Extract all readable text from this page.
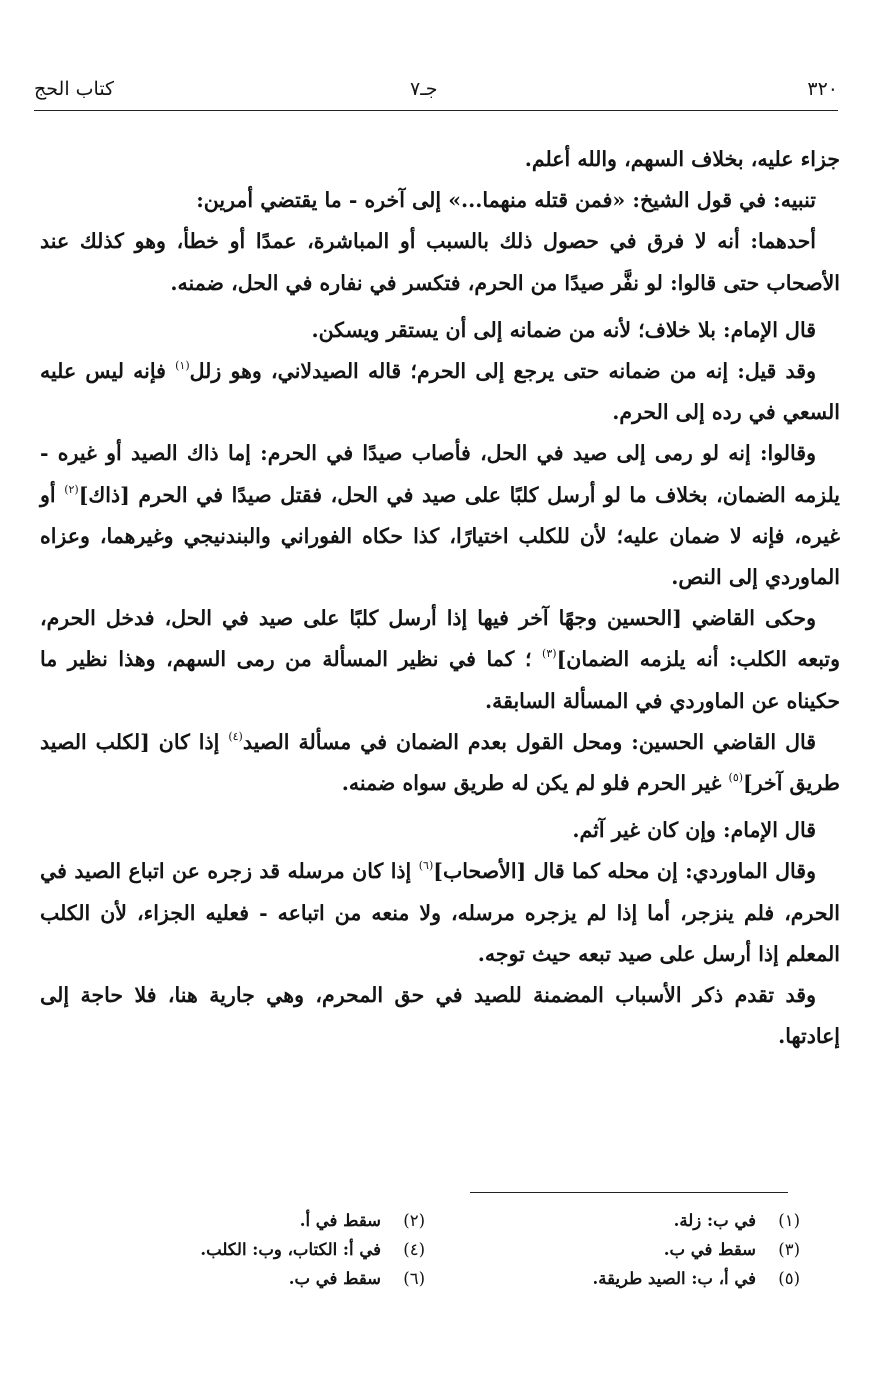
٣٢٠
جـ٧
كتاب الحج

جزاء عليه، بخلاف السهم، والله أعلم.

تنبيه: في قول الشيخ: «فمن قتله منهما...» إلى آخره - ما يقتضي أمرين:

أحدهما: أنه لا فرق في حصول ذلك بالسبب أو المباشرة، عمدًا أو خطأ، وهو كذلك عند الأصحاب حتى قالوا: لو نفَّر صيدًا من الحرم، فتكسر في نفاره في الحل، ضمنه.

قال الإمام: بلا خلاف؛ لأنه من ضمانه إلى أن يستقر ويسكن.

وقد قيل: إنه من ضمانه حتى يرجع إلى الحرم؛ قاله الصيدلاني، وهو زلل$^{(١)}$ فإنه ليس عليه السعي في رده إلى الحرم.

وقالوا: إنه لو رمى إلى صيد في الحل، فأصاب صيدًا في الحرم: إما ذاك الصيد أو غيره - يلزمه الضمان، بخلاف ما لو أرسل كلبًا على صيد في الحل، فقتل صيدًا في الحرم [ذاك]$^{(٢)}$ أو غيره، فإنه لا ضمان عليه؛ لأن للكلب اختيارًا، كذا حكاه الفوراني والبندنيجي وغيرهما، وعزاه الماوردي إلى النص.

وحكى القاضي [الحسين وجهًا آخر فيها إذا أرسل كلبًا على صيد في الحل، فدخل الحرم، وتبعه الكلب: أنه يلزمه الضمان]$^{(٣)}$ ؛ كما في نظير المسألة من رمى السهم، وهذا نظير ما حكيناه عن الماوردي في المسألة السابقة.

قال القاضي الحسين: ومحل القول بعدم الضمان في مسألة الصيد$^{(٤)}$ إذا كان [لكلب الصيد طريق آخر]$^{(٥)}$ غير الحرم فلو لم يكن له طريق سواه ضمنه.

قال الإمام: وإن كان غير آثم.

وقال الماوردي: إن محله كما قال [الأصحاب]$^{(٦)}$ إذا كان مرسله قد زجره عن اتباع الصيد في الحرم، فلم ينزجر، أما إذا لم يزجره مرسله، ولا منعه من اتباعه - فعليه الجزاء، لأن الكلب المعلم إذا أرسل على صيد تبعه حيث توجه.

وقد تقدم ذكر الأسباب المضمنة للصيد في حق المحرم، وهي جارية هنا، فلا حاجة إلى إعادتها.

(١)
في ب: زلة.
(٣)
سقط في ب.
(٥)
في أ، ب: الصيد طريقة.
(٢)
سقط في أ.
(٤)
في أ: الكتاب، وب: الكلب.
(٦)
سقط في ب.
